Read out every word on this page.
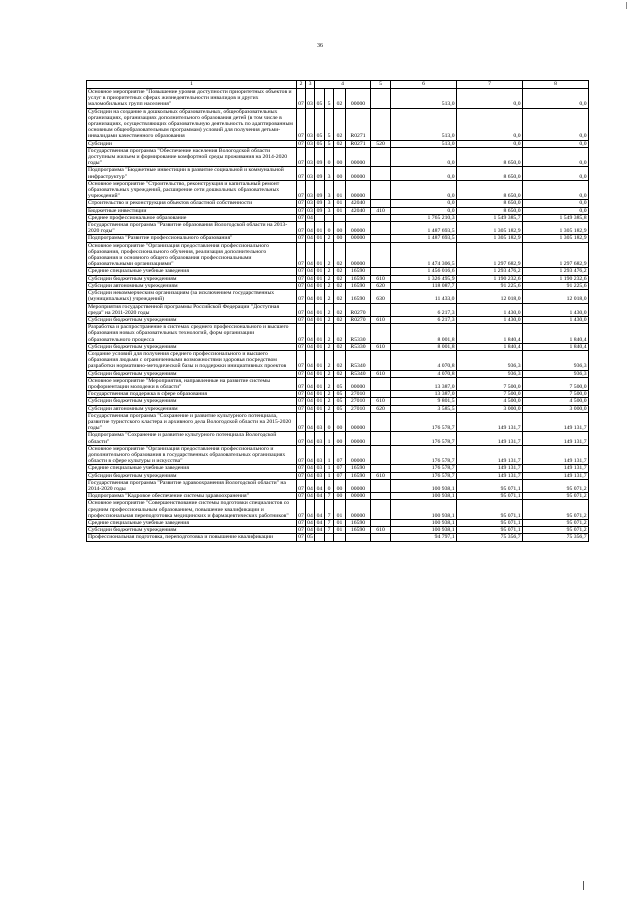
36
1	2	3	4				5	6	7	8
Основное мероприятие "Повышение уровня доступности приоритетных объектов и услуг в приоритетных сферах жизнедеятельности инвалидов и других маломобильных групп населения"	07	03	05	5	02	00000		513,0	0,0	0,0
Субсидии на создание в дошкольных образовательных, общеобразовательных организациях, организациях дополнительного образования детей (в том числе в организациях, осуществляющих образовательную деятельность по адаптированным основным общеобразовательным программам) условий для получения детьми-инвалидами качественного образования	07	03	05	5	02	R0271		513,0	0,0	0,0
Субсидии	07	03	05	5	02	R0271	520	513,0	0,0	0,0
Государственная программа "Обеспечение населения Вологодской области доступным жильем и формирование комфортной среды проживания на 2014-2020 годы"	07	03	09	0	00	00000		0,0	8 650,0	0,0
Подпрограмма "Бюджетные инвестиции в развитие социальной и коммунальной инфраструктур"	07	03	09	3	00	00000		0,0	8 650,0	0,0
Основное мероприятие "Строительство, реконструкция и капитальный ремонт образовательных учреждений, расширение сети дошкольных образовательных учреждений"	07	03	09	3	01	00000		0,0	8 650,0	0,0
Строительство и реконструкция объектов областной собственности	07	03	09	3	01	42040		0,0	8 650,0	0,0
Бюджетные инвестиции	07	03	09	3	01	42040	410	0,0	8 650,0	0,0
Среднее профессиональное образование	07	04						1 765 210,3	1 549 385,7	1 549 385,8
Государственная программа "Развитие образования Вологодской области на 2013-2020 годы"	07	04	01	0	00	00000		1 487 693,5	1 305 182,9	1 305 182,9
Подпрограмма "Развитие профессионального образования"	07	04	01	2	00	00000		1 487 693,5	1 305 182,9	1 305 182,9
Основное мероприятие "Организация предоставления профессионального образования, профессионального обучения, реализация дополнительного образования и основного общего образования профессиональными образовательными организациями"	07	04	01	2	02	00000		1 474 306,5	1 297 682,9	1 297 682,9
Средние специальные учебные заведения	07	04	01	2	02	16590		1 456 016,6	1 293 476,2	1 293 476,2
Субсидии бюджетным учреждениям	07	04	01	2	02	16590	610	1 326 495,9	1 190 232,6	1 190 232,6
Субсидии автономным учреждениям	07	04	01	2	02	16590	620	118 087,7	91 225,6	91 225,6
Субсидии некоммерческим организациям (за исключением государственных (муниципальных) учреждений)	07	04	01	2	02	16590	630	11 433,0	12 018,0	12 018,0
Мероприятия государственной программы Российской Федерации "Доступная среда" на 2011-2020 годы	07	04	01	2	02	R0270		6 217,3	1 430,0	1 430,0
Субсидии бюджетным учреждениям	07	04	01	2	02	R0270	610	6 217,3	1 430,0	1 430,0
Разработка и распространение в системах среднего профессионального и высшего образования новых образовательных технологий, форм организации образовательного процесса	07	04	01	2	02	R5330		8 001,8	1 840,4	1 840,4
Субсидии бюджетным учреждениям	07	04	01	2	02	R5330	610	8 001,8	1 840,4	1 840,4
Создание условий для получения среднего профессионального и высшего образования людьми с ограниченными возможностями здоровья посредством разработки нормативно-методической базы и поддержки инициативных проектов	07	04	01	2	02	R5340		4 070,8	936,3	936,3
Субсидии бюджетным учреждениям	07	04	01	2	02	R5340	610	4 070,8	936,3	936,3
Основное мероприятие "Мероприятия, направленные на развитие системы профориентации молодежи в области"	07	04	01	2	05	00000		13 387,0	7 500,0	7 500,0
Государственная поддержка в сфере образования	07	04	01	2	05	27010		13 387,0	7 500,0	7 500,0
Субсидии бюджетным учреждениям	07	04	01	2	05	27010	610	9 801,5	4 500,0	4 500,0
Субсидии автономным учреждениям	07	04	01	2	05	27010	620	3 585,5	3 000,0	3 000,0
Государственная программа "Сохранение и развитие культурного потенциала, развитие туристского кластера и архивного дела Вологодской области на 2015-2020 годы"	07	04	03	0	00	00000		176 578,7	149 131,7	149 131,7
Подпрограмма "Сохранение и развитие культурного потенциала Вологодской области"	07	04	03	1	00	00000		176 578,7	149 131,7	149 131,7
Основное мероприятие "Организация предоставления профессионального и дополнительного образования в государственных образовательных организациях области в сфере культуры и искусства"	07	04	03	1	07	00000		176 578,7	149 131,7	149 131,7
Средние специальные учебные заведения	07	04	03	1	07	16590		176 578,7	149 131,7	149 131,7
Субсидии бюджетным учреждениям	07	04	03	1	07	16590	610	176 578,7	149 131,7	149 131,7
Государственная программа "Развитие здравоохранения Вологодской области" на 2014-2020 годы	07	04	04	0	00	00000		100 938,1	95 071,1	95 071,2
Подпрограмма "Кадровое обеспечение системы здравоохранения"	07	04	04	7	00	00000		100 938,1	95 071,1	95 071,2
Основное мероприятие "Совершенствование системы подготовки специалистов со средним профессиональным образованием, повышение квалификации и профессиональная переподготовка медицинских и фармацевтических работников"	07	04	04	7	01	00000		100 938,1	95 071,1	95 071,2
Средние специальные учебные заведения	07	04	04	7	01	16590		100 938,1	95 071,1	95 071,2
Субсидии бюджетным учреждениям	07	04	04	7	01	16590	610	100 938,1	95 071,1	95 071,2
Профессиональная подготовка, переподготовка и повышение квалификации	07	05						94 797,1	75 356,7	75 356,7
